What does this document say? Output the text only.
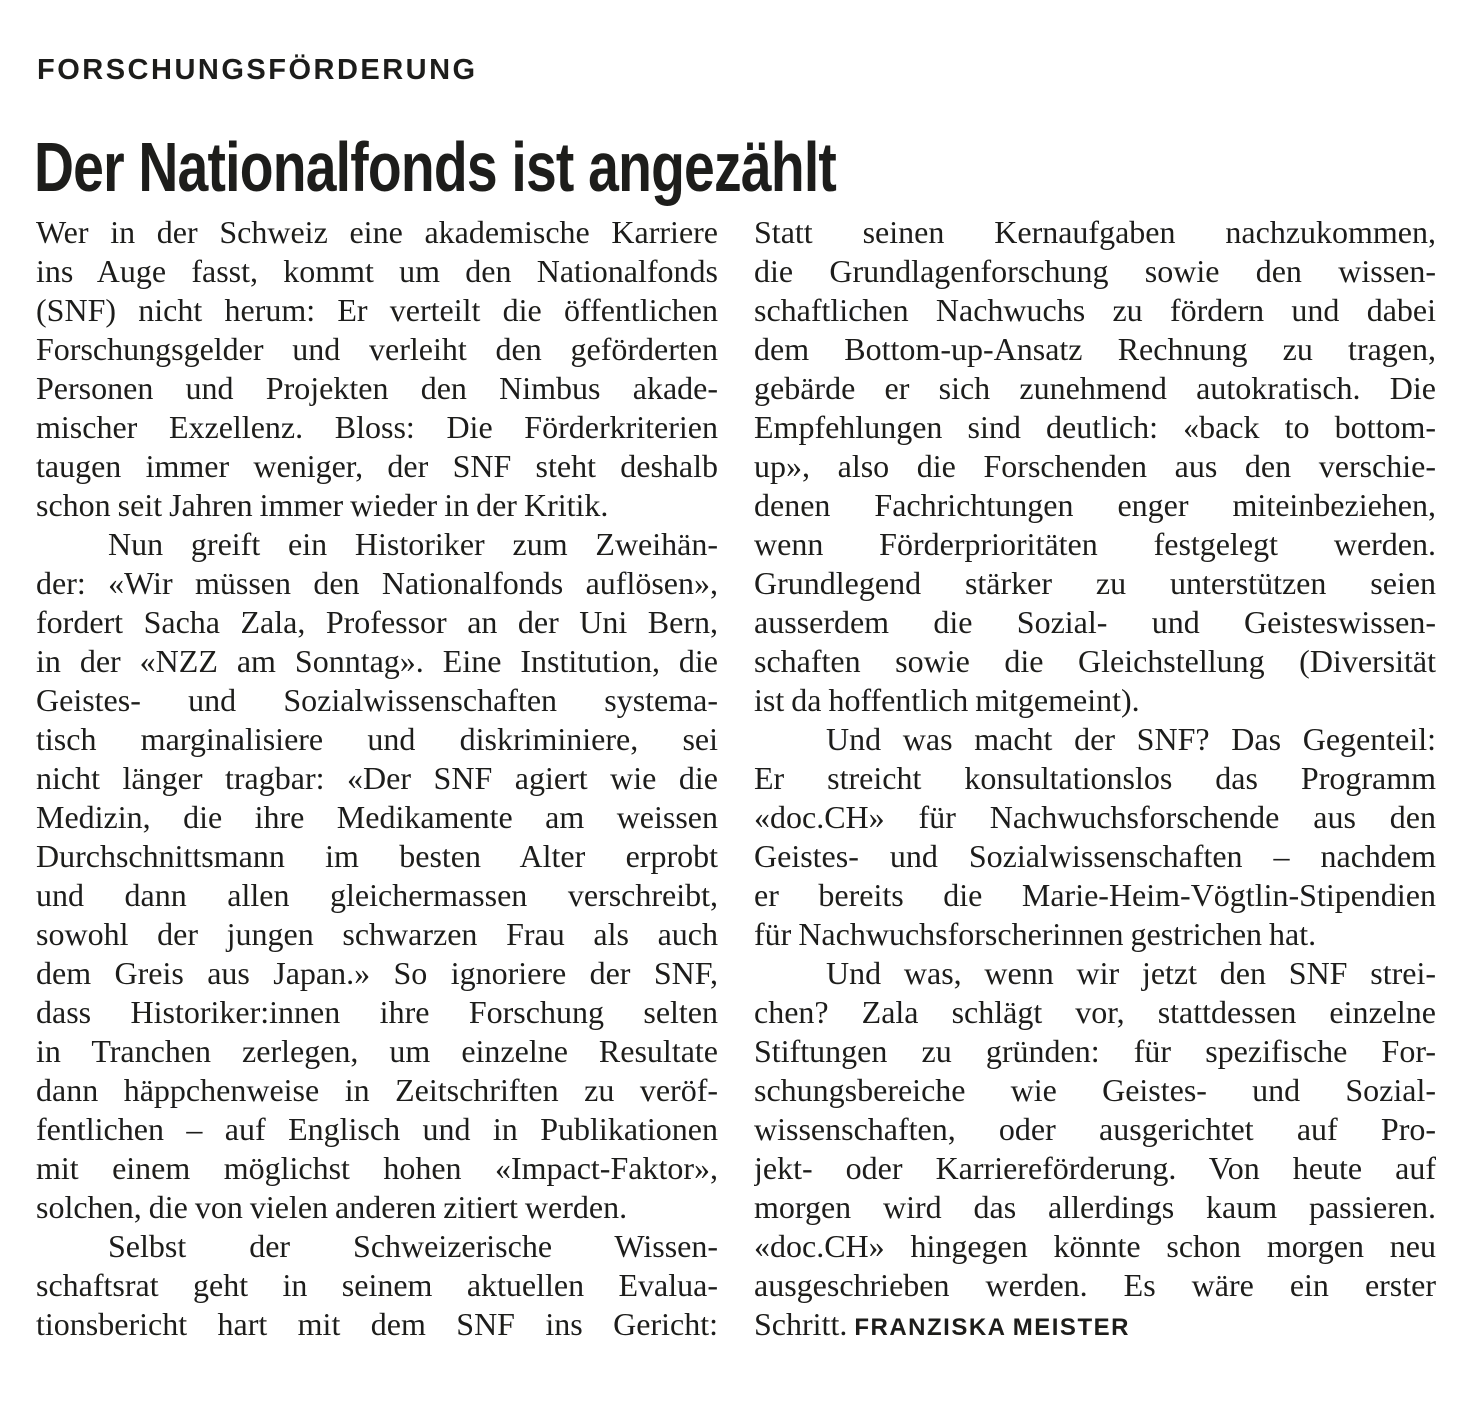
FORSCHUNGSFÖRDERUNG
Der Nationalfonds ist angezählt
Wer in der Schweiz eine akademische Karriere
ins Auge fasst, kommt um den Nationalfonds
(SNF) nicht herum: Er verteilt die öffentlichen
Forschungsgelder und verleiht den geförderten
Personen und Projekten den Nimbus akade-
mischer Exzellenz. Bloss: Die Förderkriterien
taugen immer weniger, der SNF steht deshalb
schon seit Jahren immer wieder in der Kritik.
Nun greift ein Historiker zum Zweihän-
der: «Wir müssen den Nationalfonds auflösen»,
fordert Sacha Zala, Professor an der Uni Bern,
in der «NZZ am Sonntag». Eine Institution, die
Geistes- und Sozialwissenschaften systema-
tisch marginalisiere und diskriminiere, sei
nicht länger tragbar: «Der SNF agiert wie die
Medizin, die ihre Medikamente am weissen
Durchschnittsmann im besten Alter erprobt
und dann allen gleichermassen verschreibt,
sowohl der jungen schwarzen Frau als auch
dem Greis aus Japan.» So ignoriere der SNF,
dass Historiker:innen ihre Forschung selten
in Tranchen zerlegen, um einzelne Resultate
dann häppchenweise in Zeitschriften zu veröf-
fentlichen – auf Englisch und in Publikationen
mit einem möglichst hohen «Impact-Faktor»,
solchen, die von vielen anderen zitiert werden.
Selbst der Schweizerische Wissen-
schaftsrat geht in seinem aktuellen Evalua-
tionsbericht hart mit dem SNF ins Gericht:
Statt seinen Kernaufgaben nachzukommen,
die Grundlagenforschung sowie den wissen-
schaftlichen Nachwuchs zu fördern und dabei
dem Bottom-up-Ansatz Rechnung zu tragen,
gebärde er sich zunehmend autokratisch. Die
Empfehlungen sind deutlich: «back to bottom-
up», also die Forschenden aus den verschie-
denen Fachrichtungen enger miteinbeziehen,
wenn Förderprioritäten festgelegt werden.
Grundlegend stärker zu unterstützen seien
ausserdem die Sozial- und Geisteswissen-
schaften sowie die Gleichstellung (Diversität
ist da hoffentlich mitgemeint).
Und was macht der SNF? Das Gegenteil:
Er streicht konsultationslos das Programm
«doc.CH» für Nachwuchsforschende aus den
Geistes- und Sozialwissenschaften – nachdem
er bereits die Marie-Heim-Vögtlin-Stipendien
für Nachwuchsforscherinnen gestrichen hat.
Und was, wenn wir jetzt den SNF strei-
chen? Zala schlägt vor, stattdessen einzelne
Stiftungen zu gründen: für spezifische For-
schungsbereiche wie Geistes- und Sozial-
wissenschaften, oder ausgerichtet auf Pro-
jekt- oder Karriereförderung. Von heute auf
morgen wird das allerdings kaum passieren.
«doc.CH» hingegen könnte schon morgen neu
ausgeschrieben werden. Es wäre ein erster
Schritt. FRANZISKA MEISTER
